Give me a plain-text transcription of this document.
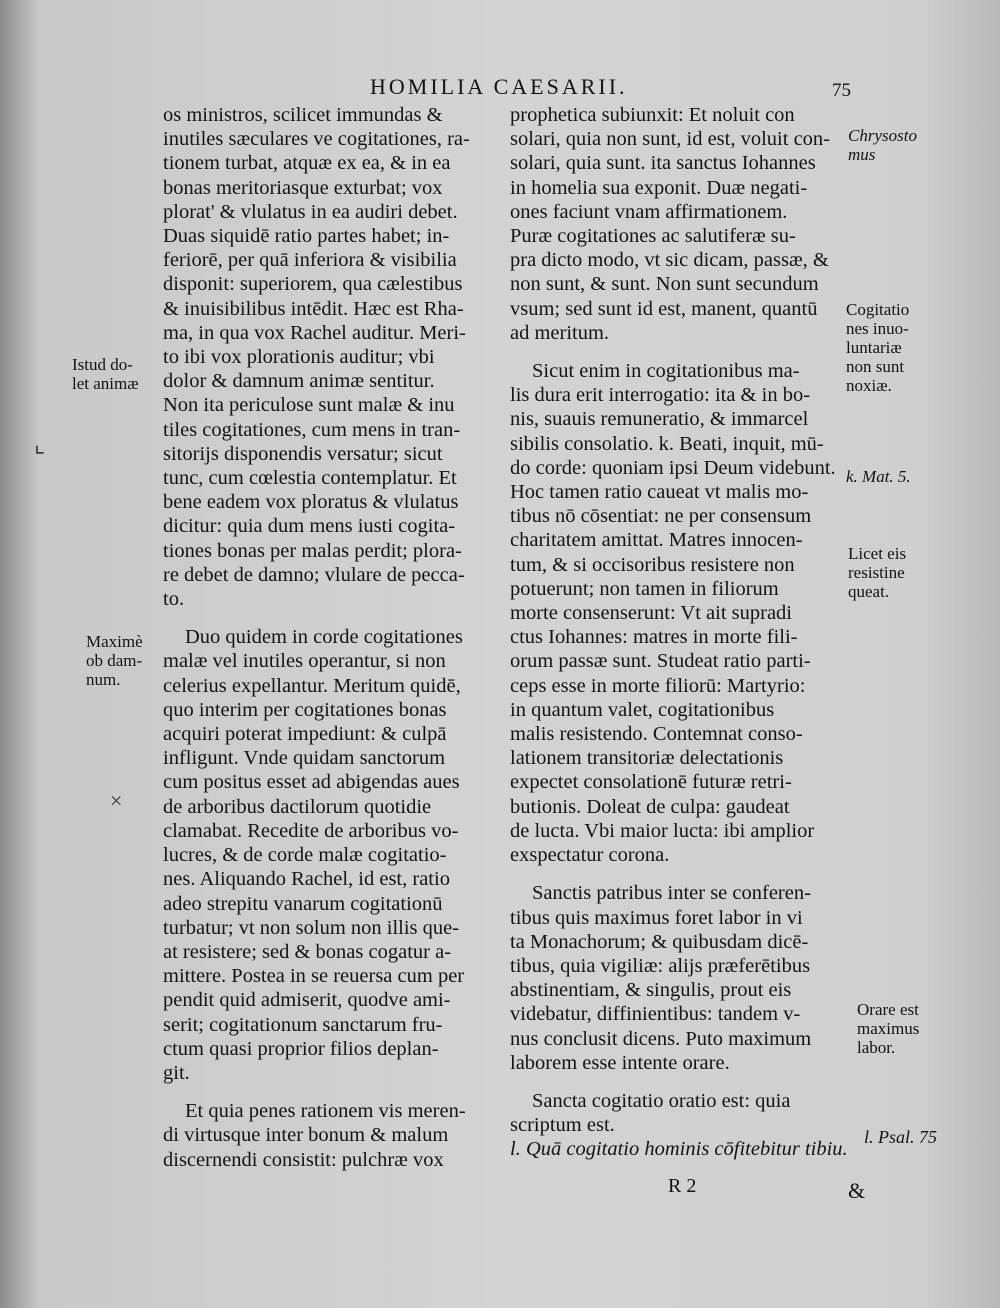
HOMILIA CAESARII.	75
os ministros, scilicet immundas &
inutiles sæculares ve cogitationes, ra-
tionem turbat, atquæ ex ea, & in ea
bonas meritoriasque exturbat; vox
plorat' & vlulatus in ea audiri debet.
Duas siquidē ratio partes habet; in-
feriorē, per quā inferiora & visibilia
disponit: superiorem, qua cælestibus
& inuisibilibus intēdit. Hæc est Rha-
ma, in qua vox Rachel auditur. Meri-
to ibi vox plorationis auditur; vbi
dolor & damnum animæ sentitur.
Non ita periculose sunt malæ & inu
tiles cogitationes, cum mens in tran-
sitorijs disponendis versatur; sicut
tunc, cum cœlestia contemplatur. Et
bene eadem vox ploratus & vlulatus
dicitur: quia dum mens iusti cogita-
tiones bonas per malas perdit; plora-
re debet de damno; vlulare de pecca-
to.
Duo quidem in corde cogitationes
malæ vel inutiles operantur, si non
celerius expellantur. Meritum quidē,
quo interim per cogitationes bonas
acquiri poterat impediunt: & culpā
infligunt. Vnde quidam sanctorum
cum positus esset ad abigendas aues
de arboribus dactilorum quotidie
clamabat. Recedite de arboribus vo-
lucres, & de corde malæ cogitatio-
nes. Aliquando Rachel, id est, ratio
adeo strepitu vanarum cogitationū
turbatur; vt non solum non illis que-
at resistere; sed & bonas cogatur a-
mittere. Postea in se reuersa cum per
pendit quid admiserit, quodve ami-
serit; cogitationum sanctarum fru-
ctum quasi proprior filios deplan-
git.
Et quia penes rationem vis meren-
di virtusque inter bonum & malum
discernendi consistit: pulchræ vox
prophetica subiunxit: Et noluit con
solari, quia non sunt, id est, voluit con-
solari, quia sunt. ita sanctus Iohannes
in homelia sua exponit. Duæ negati-
ones faciunt vnam affirmationem.
Puræ cogitationes ac salutiferæ su-
pra dicto modo, vt sic dicam, passæ, &
non sunt, & sunt. Non sunt secundum
vsum; sed sunt id est, manent, quantū
ad meritum.
Sicut enim in cogitationibus ma-
lis dura erit interrogatio: ita & in bo-
nis, suauis remuneratio, & immarcel
sibilis consolatio. k. Beati, inquit, mū-
do corde: quoniam ipsi Deum videbunt.
Hoc tamen ratio caueat vt malis mo-
tibus nō cōsentiat: ne per consensum
charitatem amittat. Matres innocen-
tum, & si occisoribus resistere non
potuerunt; non tamen in filiorum
morte consenserunt: Vt ait supradi
ctus Iohannes: matres in morte fili-
orum passæ sunt. Studeat ratio parti-
ceps esse in morte filiorū: Martyrio:
in quantum valet, cogitationibus
malis resistendo. Contemnat conso-
lationem transitoriæ delectationis
expectet consolationē futuræ retri-
butionis. Doleat de culpa: gaudeat
de lucta. Vbi maior lucta: ibi amplior
exspectatur corona.
Sanctis patribus inter se conferen-
tibus quis maximus foret labor in vi
ta Monachorum; & quibusdam dicē-
tibus, quia vigiliæ: alijs præferētibus
abstinentiam, & singulis, prout eis
videbatur, diffinientibus: tandem v-
nus conclusit dicens. Puto maximum
laborem esse intente orare.
Sancta cogitatio oratio est: quia
scriptum est.
l. Quā cogitatio hominis cōfitebitur tibiu.
Istud do-
let animæ
Maximè
ob dam-
num.
Chrysosto
mus
Cogitatio
nes inuo-
luntariæ
non sunt
noxiæ.
k. Mat. 5.
Licet eis
resistine
queat.
Orare est
maximus
labor.
l. Psal. 75
⌞
×
R 2	&
